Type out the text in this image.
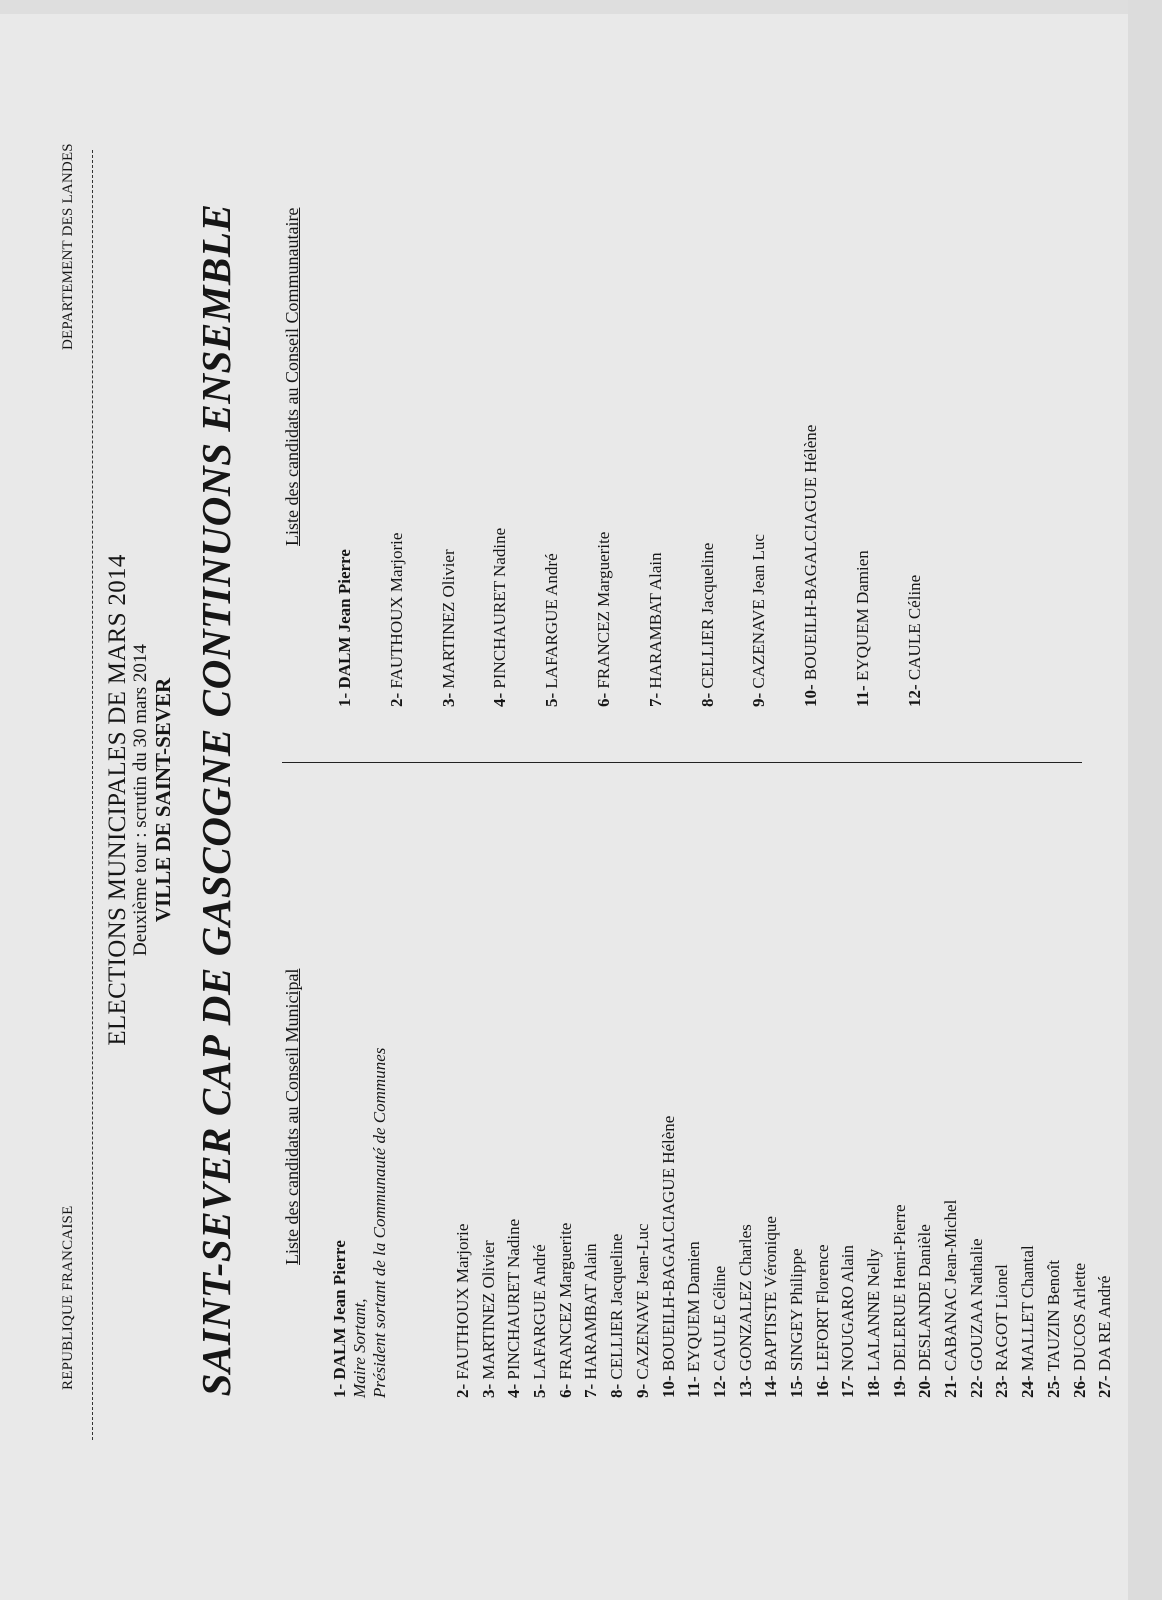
REPUBLIQUE FRANCAISE
DEPARTEMENT DES LANDES
ELECTIONS MUNICIPALES DE MARS 2014 Deuxième tour : scrutin du 30 mars 2014 VILLE DE SAINT-SEVER SAINT-SEVER CAP DE GASCOGNE CONTINUONS ENSEMBLE Liste des candidats au Conseil Municipal
Liste des candidats au Conseil Communautaire
1- DALM Jean Pierre Maire Sortant, Président sortant de la Communauté de Communes	2- FAUTHOUX Marjorie
3- MARTINEZ Olivier
4- PINCHAURET Nadine
5- LAFARGUE André
6- FRANCEZ Marguerite
7- HARAMBAT Alain
8- CELLIER Jacqueline
9- CAZENAVE Jean-Luc
10- BOUEILH-BAGALCIAGUE Hélène
11- EYQUEM Damien
12- CAULE Céline
13- GONZALEZ Charles
14- BAPTISTE Véronique
15- SINGEY Philippe
16- LEFORT Florence
17- NOUGARO Alain
18- LALANNE Nelly
19- DELERUE Henri-Pierre
20- DESLANDE Danièle
21- CABANAC Jean-Michel
22- GOUZAA Nathalie
23- RAGOT Lionel
24- MALLET Chantal
25- TAUZIN Benoît
26- DUCOS Arlette
27- DA RE André
1- DALM Jean Pierre
2- FAUTHOUX Marjorie
3- MARTINEZ Olivier
4- PINCHAURET Nadine
5- LAFARGUE André
6- FRANCEZ Marguerite
7- HARAMBAT Alain
8- CELLIER Jacqueline
9- CAZENAVE Jean Luc
10- BOUEILH-BAGALCIAGUE Hélène
11- EYQUEM Damien
12- CAULE Céline
